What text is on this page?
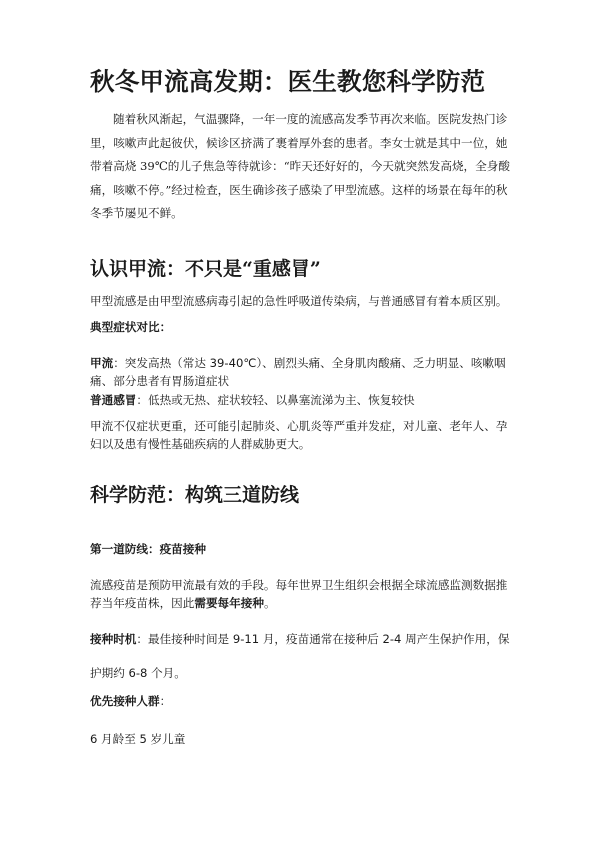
秋冬甲流高发期：医生教您科学防范

随着秋风渐起，气温骤降，一年一度的流感高发季节再次来临。医院发热门诊里，咳嗽声此起彼伏，候诊区挤满了裹着厚外套的患者。李女士就是其中一位，她带着高烧 39℃的儿子焦急等待就诊：“昨天还好好的，今天就突然发高烧，全身酸痛，咳嗽不停。”经过检查，医生确诊孩子感染了甲型流感。这样的场景在每年的秋冬季节屡见不鲜。

认识甲流：不只是“重感冒”

甲型流感是由甲型流感病毒引起的急性呼吸道传染病，与普通感冒有着本质区别。

典型症状对比：

甲流：突发高热（常达 39-40℃）、剧烈头痛、全身肌肉酸痛、乏力明显、咳嗽咽痛、部分患者有胃肠道症状

普通感冒：低热或无热、症状较轻、以鼻塞流涕为主、恢复较快

甲流不仅症状更重，还可能引起肺炎、心肌炎等严重并发症，对儿童、老年人、孕妇以及患有慢性基础疾病的人群威胁更大。

科学防范：构筑三道防线

第一道防线：疫苗接种

流感疫苗是预防甲流最有效的手段。每年世界卫生组织会根据全球流感监测数据推荐当年疫苗株，因此需要每年接种。

接种时机：最佳接种时间是 9-11 月，疫苗通常在接种后 2-4 周产生保护作用，保护期约 6-8 个月。

优先接种人群：

6 月龄至 5 岁儿童
